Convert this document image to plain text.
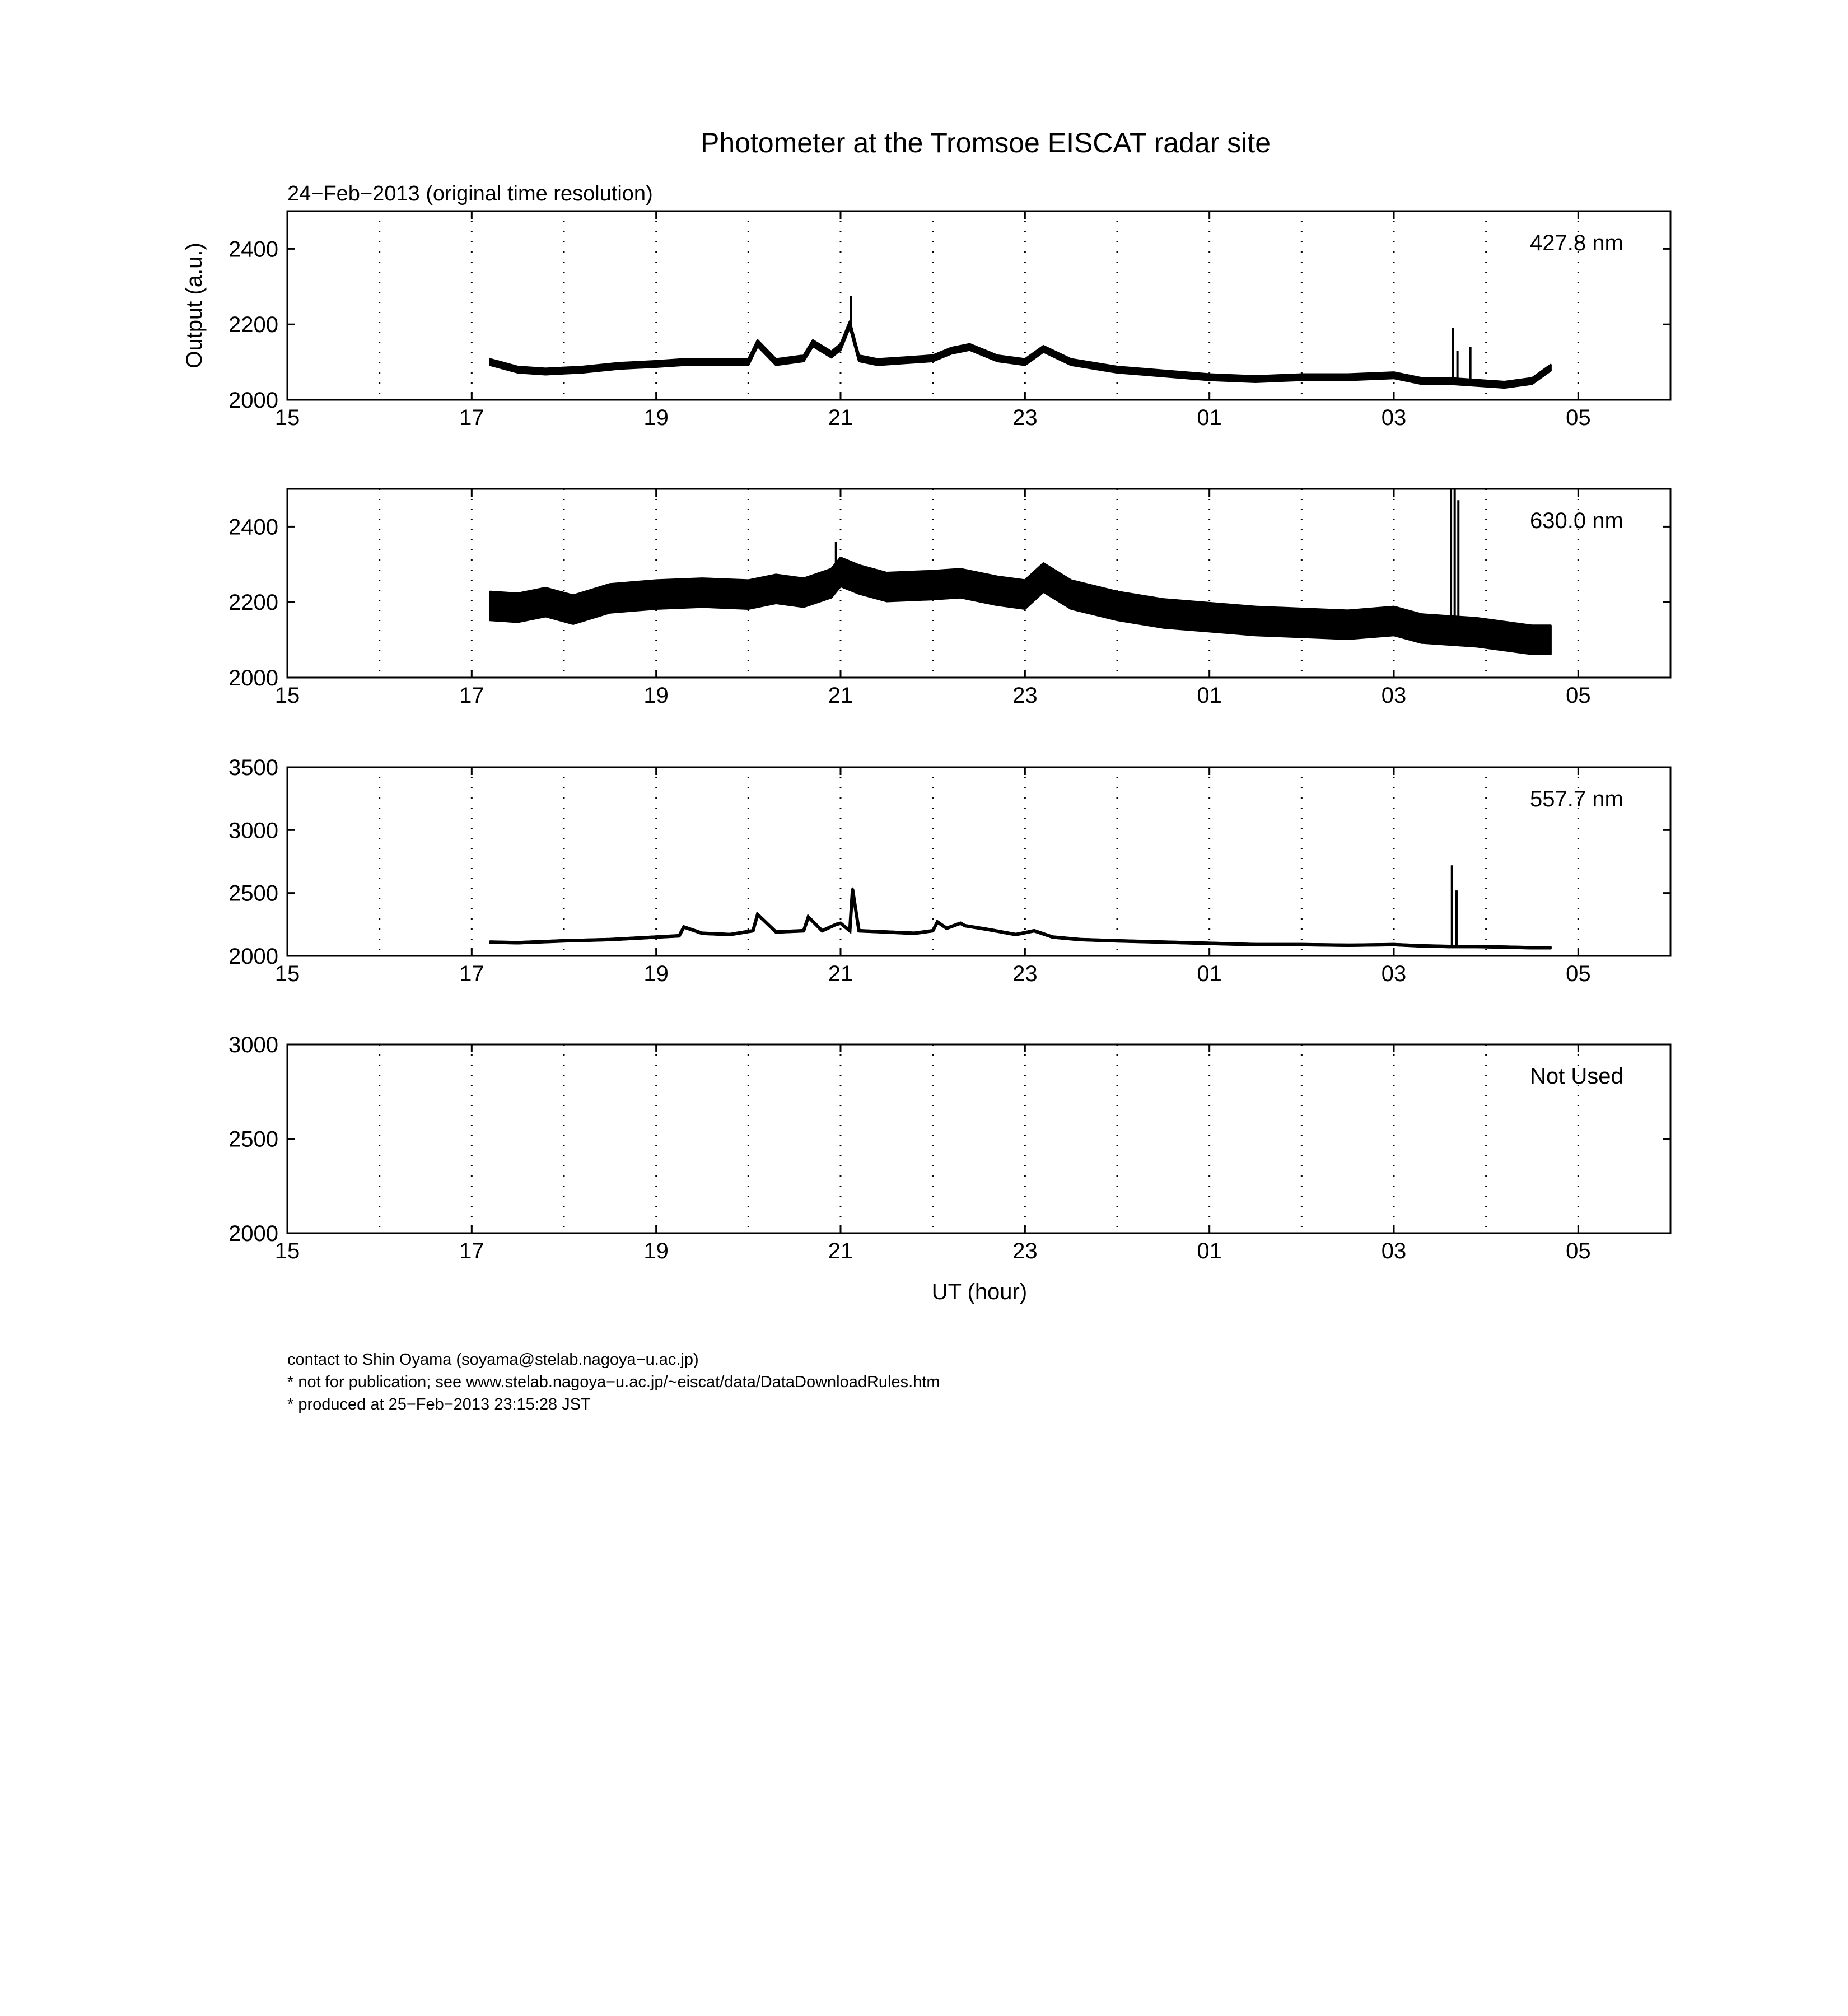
Photometer at the Tromsoe EISCAT radar site
24−Feb−2013 (original time resolution)
UT (hour)
15	17	19	21	23	01	03	05
2000
2200
2400	427.8 nm
Output (a.u.)
15	17	19	21	23	01	03	05
2000
2200
2400	630.0 nm
15	17	19	21	23	01	03	05
2000
2500
3000
3500
557.7 nm
15	17	19	21	23	01	03	05
2000
2500
3000
Not Used
contact to Shin Oyama (soyama@stelab.nagoya−u.ac.jp)
* not for publication; see www.stelab.nagoya−u.ac.jp/~eiscat/data/DataDownloadRules.htm
* produced at 25−Feb−2013 23:15:28 JST
